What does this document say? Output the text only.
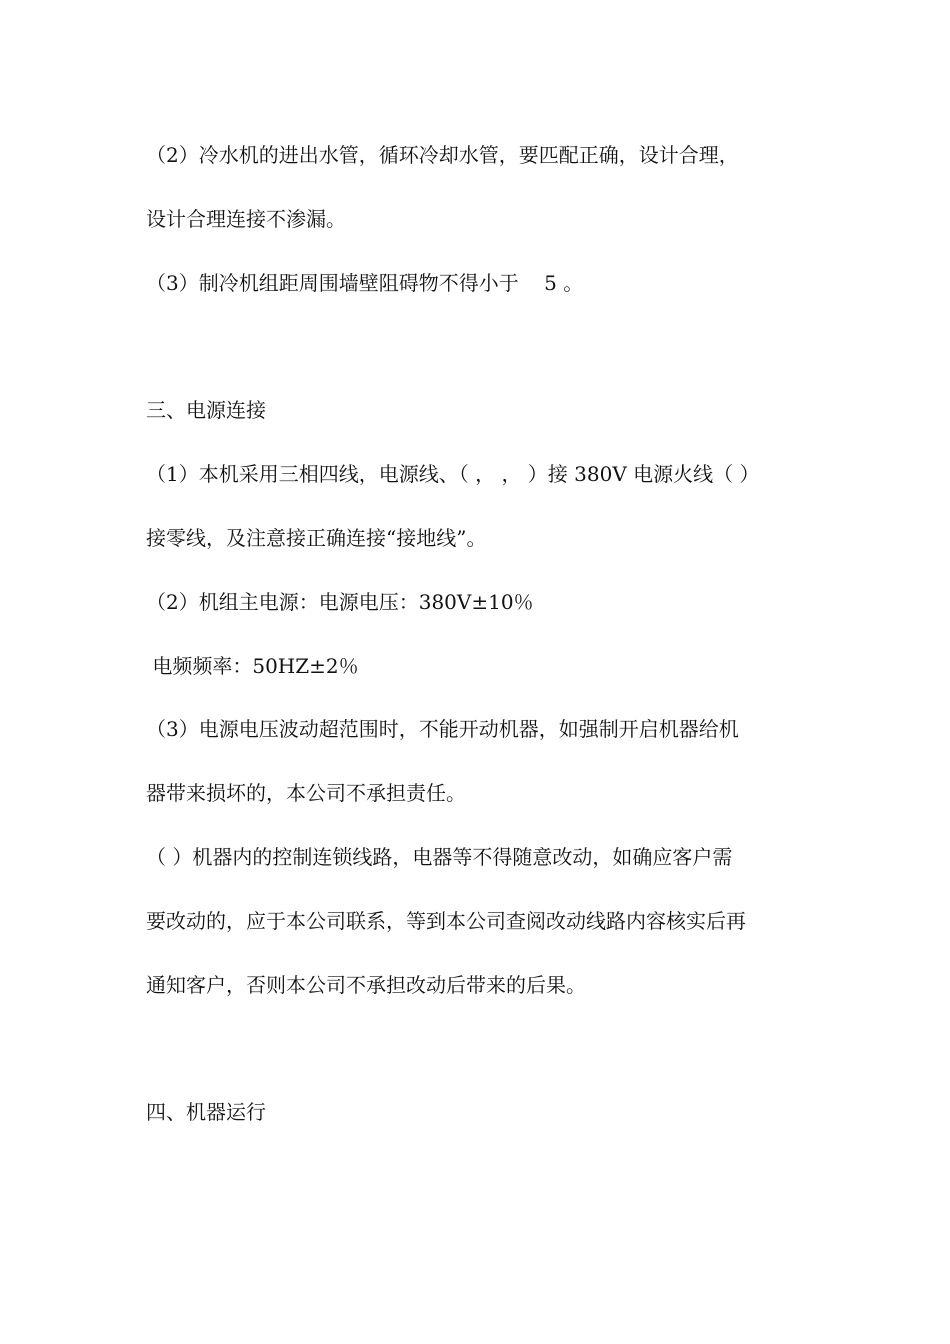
（2）冷水机的进出水管，循环冷却水管，要匹配正确，设计合理，
设计合理连接不渗漏。
（3）制冷机组距周围墙壁阻碍物不得小于    5 。
三、电源连接
（1）本机采用三相四线，电源线、（ ， ， ）接 380V 电源火线（ ）
接零线，及注意接正确连接“接地线”。
（2）机组主电源：电源电压：380V±10％
电频频率：50HZ±2％
（3）电源电压波动超范围时，不能开动机器，如强制开启机器给机
器带来损坏的，本公司不承担责任。
（ ）机器内的控制连锁线路，电器等不得随意改动，如确应客户需
要改动的，应于本公司联系，等到本公司查阅改动线路内容核实后再
通知客户，否则本公司不承担改动后带来的后果。
四、机器运行
